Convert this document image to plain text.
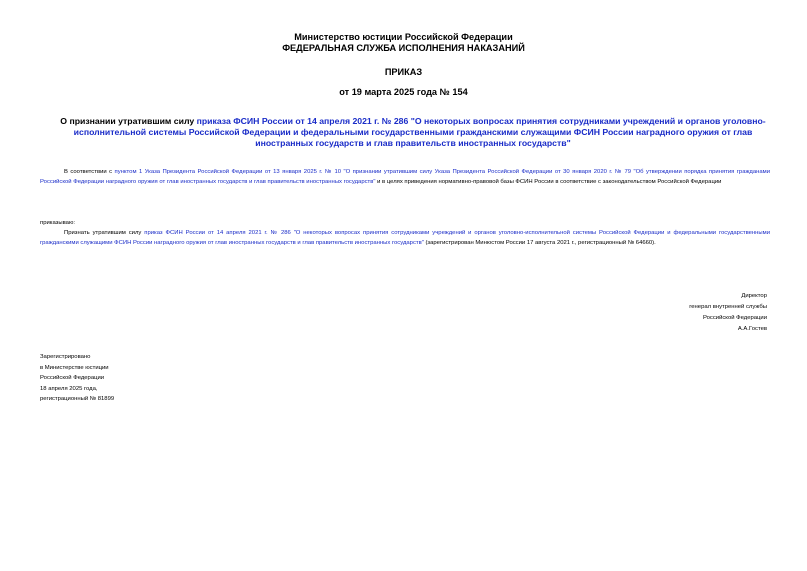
Министерство юстиции Российской Федерации
ФЕДЕРАЛЬНАЯ СЛУЖБА ИСПОЛНЕНИЯ НАКАЗАНИЙ
ПРИКАЗ
от 19 марта 2025 года № 154
О признании утратившим силу приказа ФСИН России от 14 апреля 2021 г. № 286 "О некоторых вопросах принятия сотрудниками учреждений и органов уголовно-исполнительной системы Российской Федерации и федеральными государственными гражданскими служащими ФСИН России наградного оружия от глав иностранных государств и глав правительств иностранных государств"
В соответствии с пунктом 1 Указа Президента Российской Федерации от 13 января 2025 г. № 10 "О признании утратившим силу Указа Президента Российской Федерации от 30 января 2020 г. № 79 "Об утверждении порядка принятия гражданами Российской Федерации наградного оружия от глав иностранных государств и глав правительств иностранных государств" и в целях приведения нормативно-правовой базы ФСИН России в соответствие с законодательством Российской Федерации
приказываю:
Признать утратившим силу приказ ФСИН России от 14 апреля 2021 г. № 286 "О некоторых вопросах принятия сотрудниками учреждений и органов уголовно-исполнительной системы Российской Федерации и федеральными государственными гражданскими служащими ФСИН России наградного оружия от глав иностранных государств и глав правительств иностранных государств" (зарегистрирован Минюстом России 17 августа 2021 г., регистрационный № 64660).
Директор
генерал внутренней службы
Российской Федерации
А.А.Гостев
Зарегистрировано
в Министерстве юстиции
Российской Федерации
18 апреля 2025 года,
регистрационный № 81899
